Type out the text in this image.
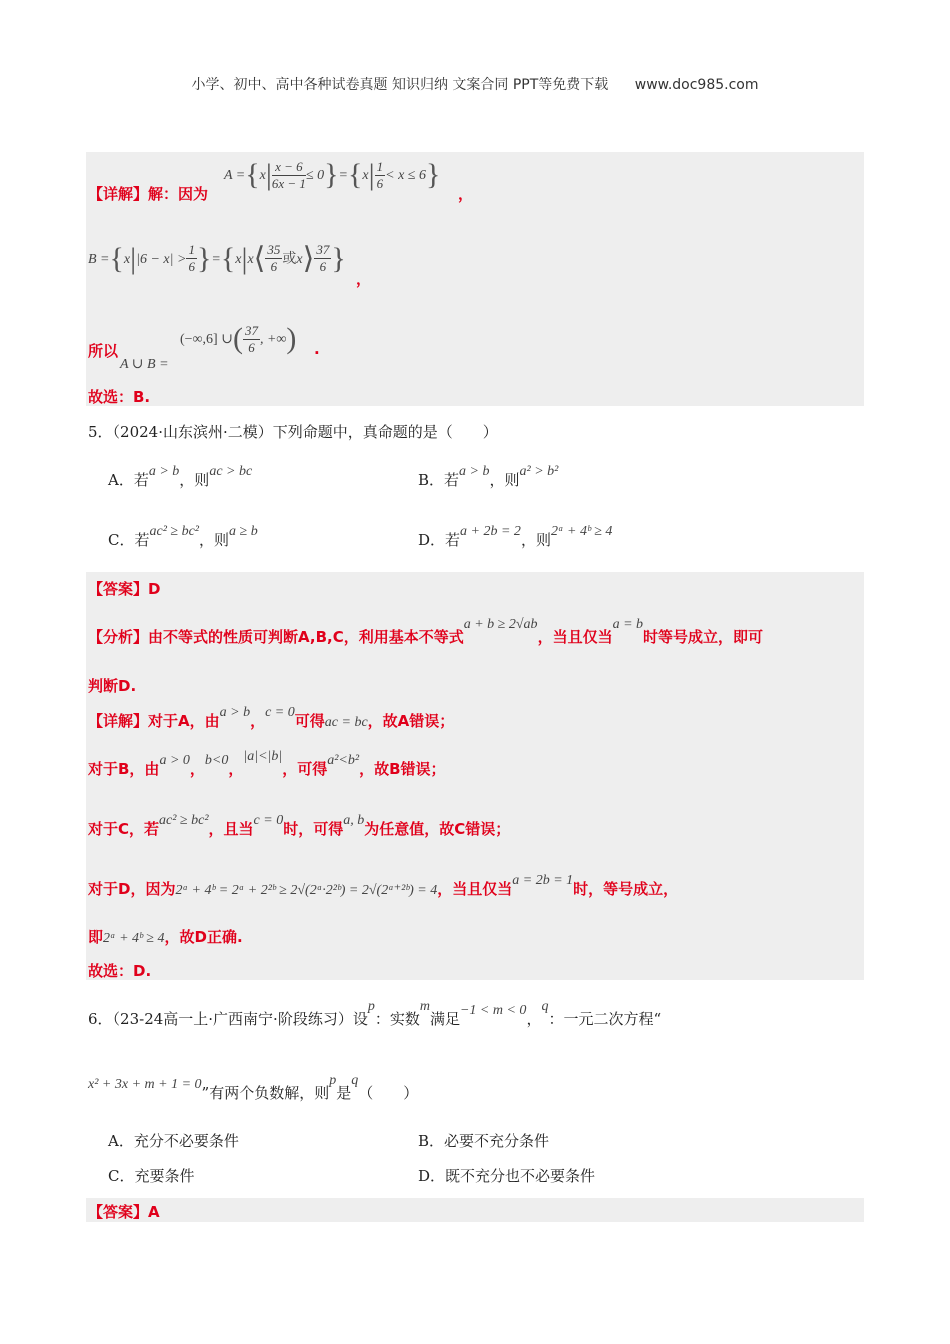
小学、初中、高中各种试卷真题 知识归纳 文案合同 PPT等免费下载 www.doc985.com
【详解】解：因为
$A =\{x| \frac{x - 6}{6x - 1} \le 0\}=\{x| \frac{1}{6} < x \le 6\}$
，
$B =\{x||6 - x| > \frac{1}{6}$ }={x|x⟨ $\frac{35}{6}$ 或x⟩ $\frac{37}{6}$ }
，
所以
A ∪ B =
(−∞,6] ∪( $\frac{37}{6}$ , +∞) .
故选：B.
5．（2024·山东滨州·二模）下列命题中，真命题的是（　　）
A．若a > b，则ac > bc	B．若a > b，则a² > b²
C．若ac² ≥ bc²，则a ≥ b	D．若a + 2b = 2，则2ᵃ + 4ᵇ ≥ 4
【答案】D
【分析】由不等式的性质可判断A,B,C，利用基本不等式a + b ≥ 2√ab，当且仅当a = b时等号成立，即可
判断D.
【详解】对于A，由a > b，c = 0可得ac = bc，故A错误；
对于B，由a > 0，b<0，|a|<|b|，可得a²<b²，故B错误；
对于C，若ac² ≥ bc²，且当c = 0时，可得a, b为任意值，故C错误；
对于D，因为2ᵃ + 4ᵇ = 2ᵃ + 2²ᵇ ≥ 2√(2ᵃ·2²ᵇ) = 2√(2ᵃ⁺²ᵇ) = 4，当且仅当a = 2b = 1时，等号成立，
即2ᵃ + 4ᵇ ≥ 4，故D正确.
故选：D.
6．（23-24高一上·广西南宁·阶段练习）设p：实数m满足−1 < m < 0，q：一元二次方程“
x² + 3x + m + 1 = 0”有两个负数解，则p是q（　　）
A．充分不必要条件	B．必要不充分条件
C．充要条件	D．既不充分也不必要条件
【答案】A
